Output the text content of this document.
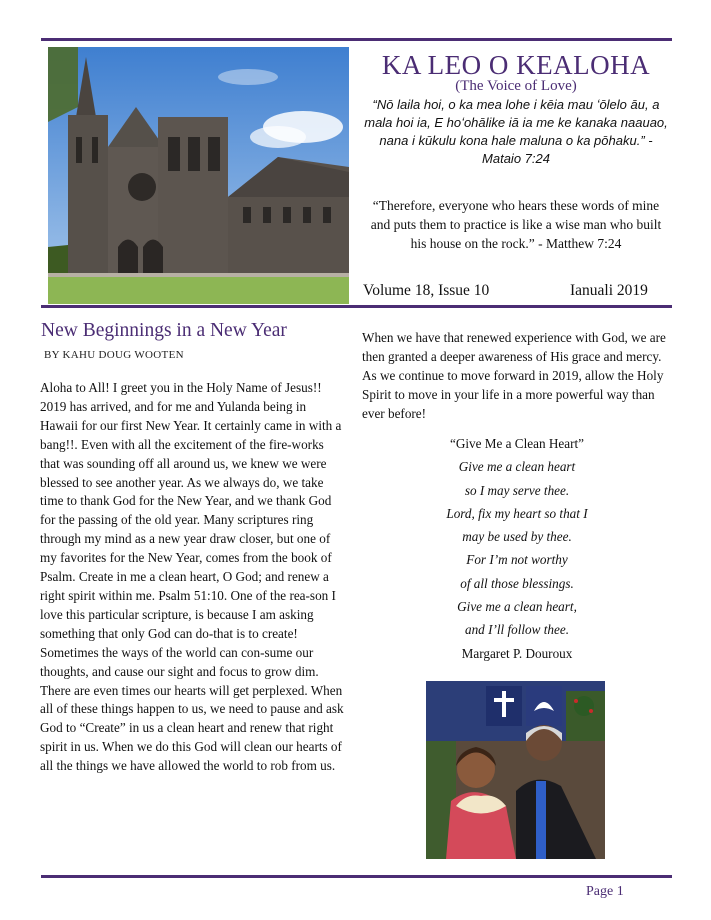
KA LEO O KEALOHA
(The Voice of Love)
“Nō laila hoi, o ka mea lohe i kēia mau ʻōlelo āu, a mala hoi ia, E hoʻohālike iā ia me ke kanaka naauao, nana i kūkulu kona hale maluna o ka pōhaku.” - Mataio 7:24
“Therefore, everyone who hears these words of mine and puts them to practice is like a wise man who built his house on the rock.” - Matthew 7:24
Volume 18, Issue 10	Ianuali 2019
New Beginnings in a New Year
BY KAHU DOUG WOOTEN
Aloha to All! I greet you in the Holy Name of Jesus!! 2019 has arrived, and for me and Yulanda being in Hawaii for our first New Year. It certainly came in with a bang!!. Even with all the excitement of the fire-works that was sounding off all around us, we knew we were blessed to see another year. As we always do, we take time to thank God for the New Year, and we thank God for the passing of the old year. Many scriptures ring through my mind as a new year draw closer, but one of my favorites for the New Year, comes from the book of Psalm. Create in me a clean heart, O God; and renew a right spirit within me. Psalm 51:10. One of the rea-son I love this particular scripture, is because I am asking something that only God can do-that is to create! Sometimes the ways of the world can con-sume our thoughts, and cause our sight and focus to grow dim. There are even times our hearts will get perplexed. When all of these things happen to us, we need to pause and ask God to “Create” in us a clean heart and renew that right spirit in us. When we do this God will clean our hearts of all the things we have allowed the world to rob from us.
When we have that renewed experience with God, we are then granted a deeper awareness of His grace and mercy. As we continue to move forward in 2019, allow the Holy Spirit to move in your life in a more powerful way than ever before!
“Give Me a Clean Heart”
Give me a clean heart
so I may serve thee.
Lord, fix my heart so that I
may be used by thee.
For I’m not worthy
of all those blessings.
Give me a clean heart,
and I’ll follow thee.
Margaret P. Douroux
Page 1
